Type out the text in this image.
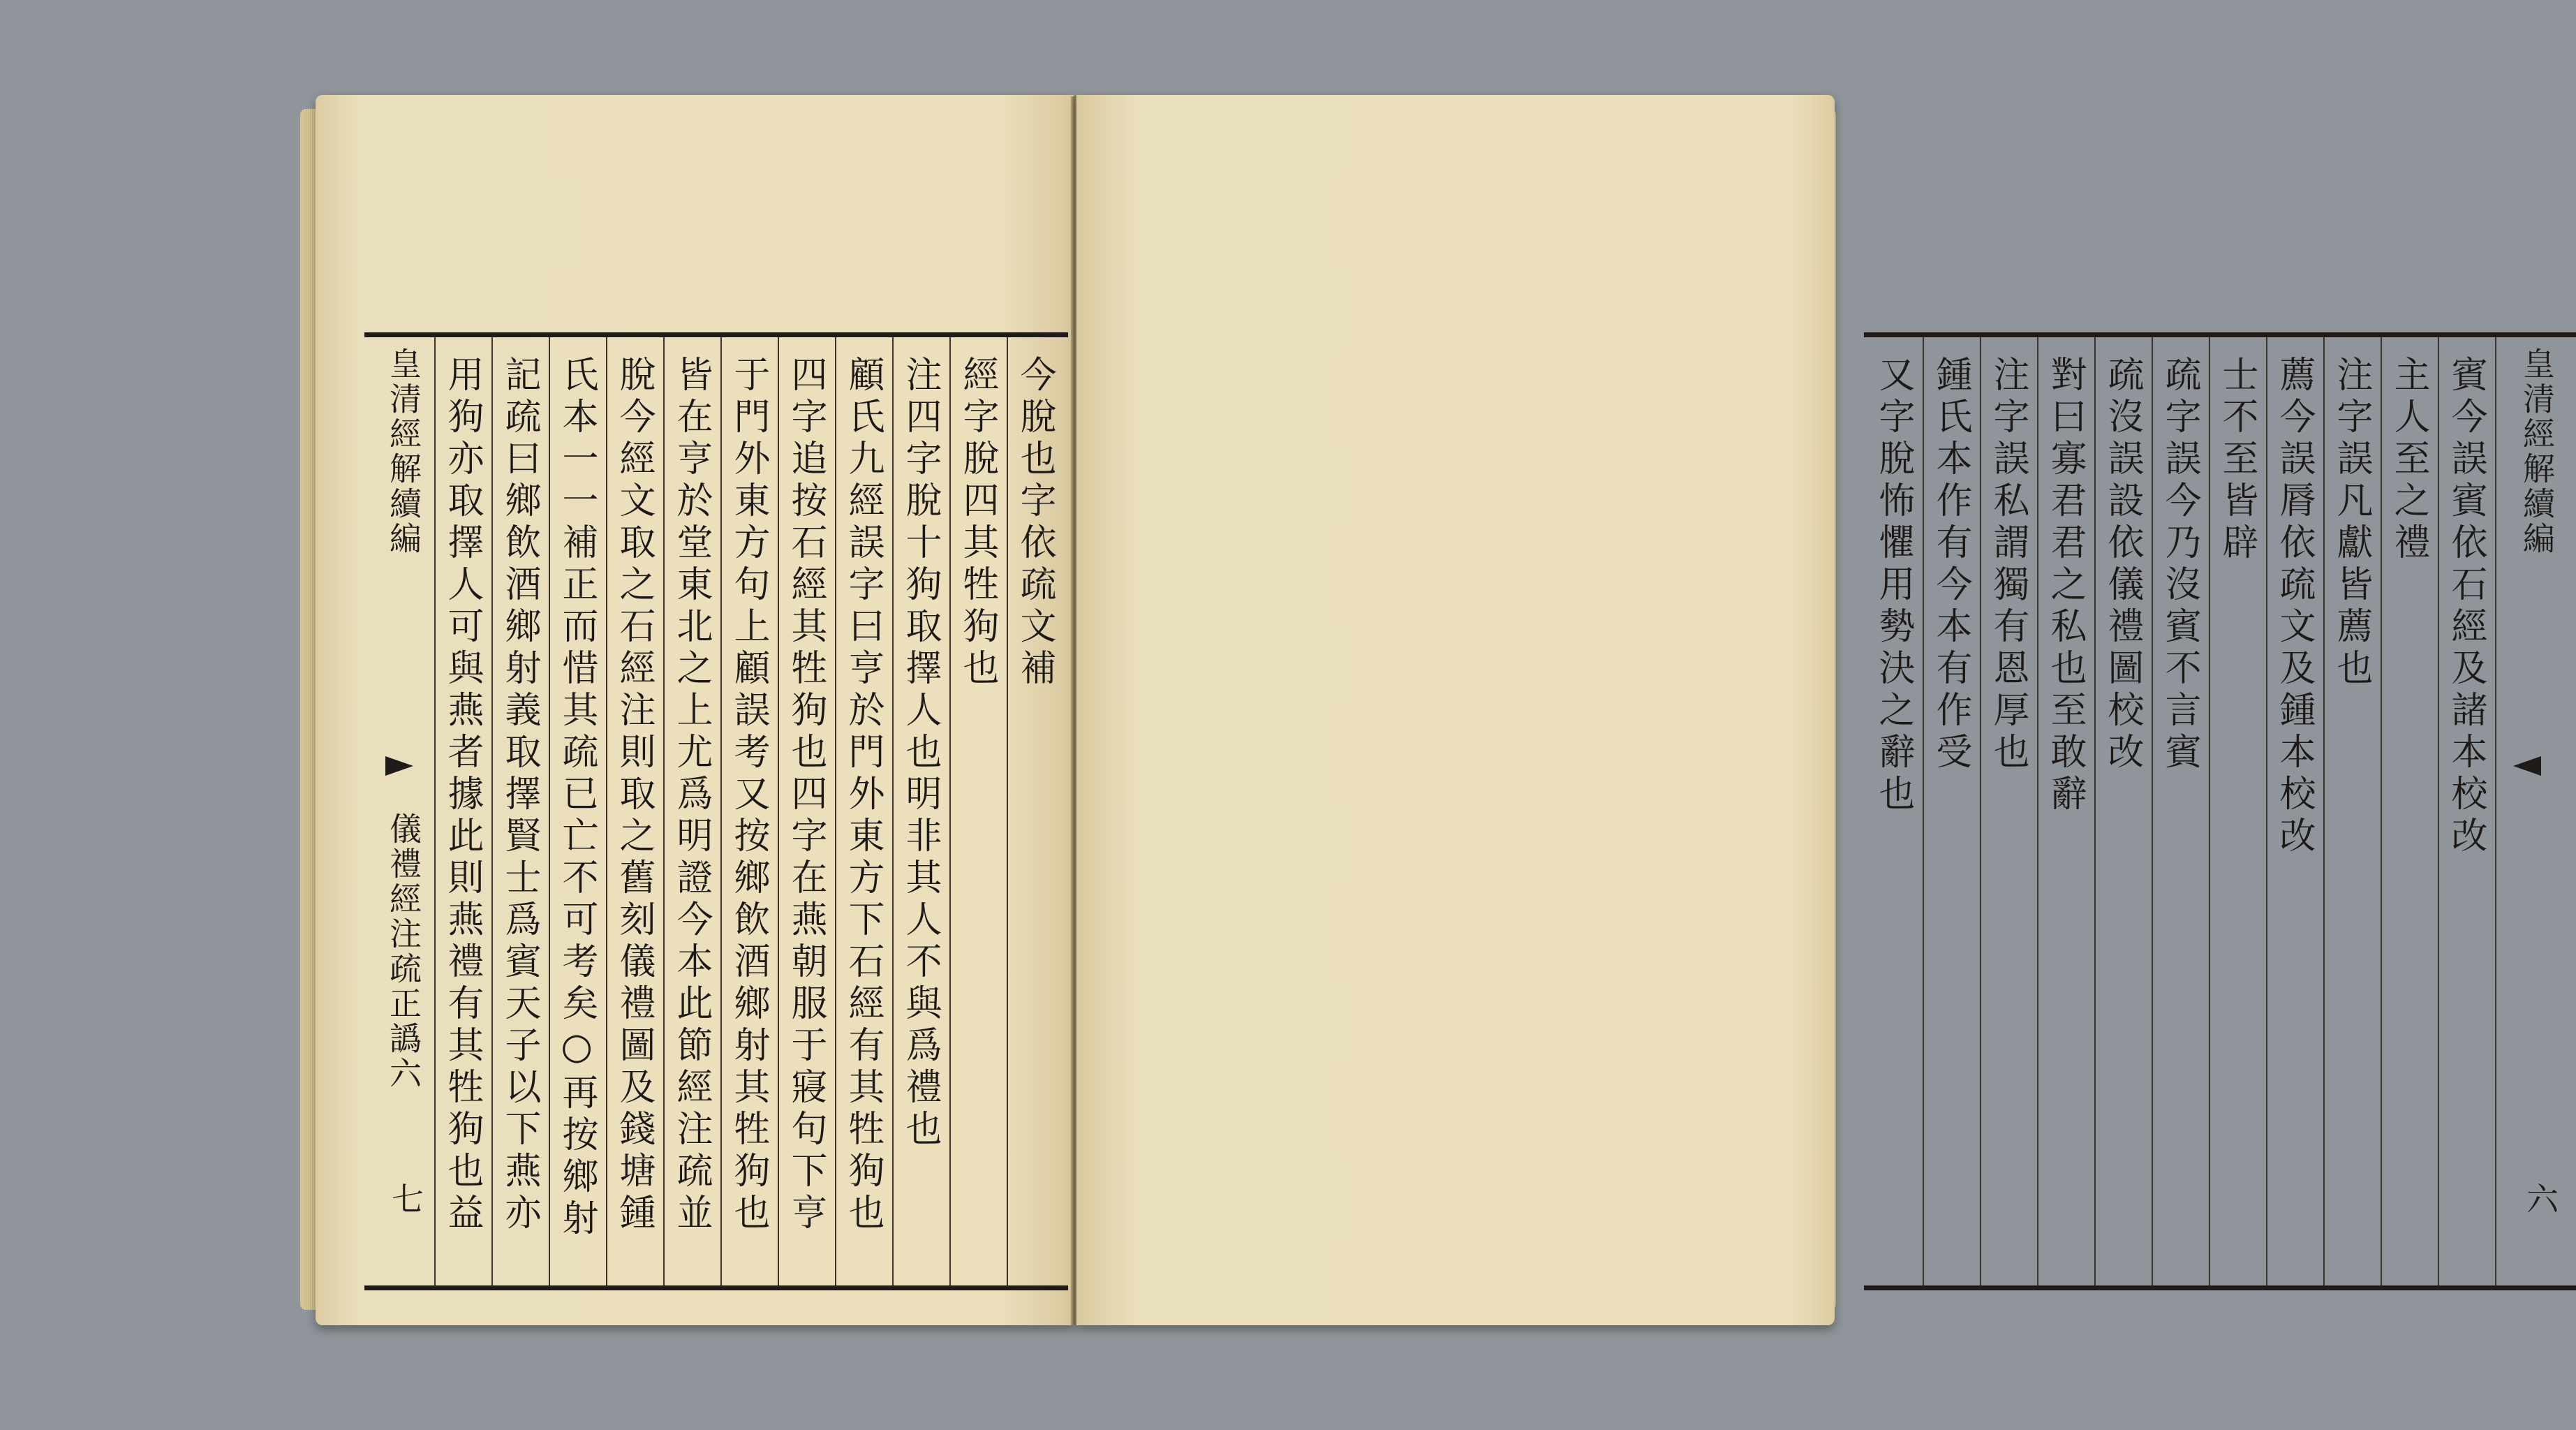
皇清經解續編
儀禮經注疏正譌六
七 用狗亦取擇人可與燕者據此則燕禮有其牲狗也益 記疏曰鄉飲酒鄉射義取擇賢士爲賓天子以下燕亦 氏本一一補正而惜其疏已亡不可考矣○再按鄉射 脫今經文取之石經注則取之舊刻儀禮圖及錢塘鍾 皆在亨於堂東北之上尤爲明證今本此節經注疏並 于門外東方句上顧誤考又按鄉飲酒鄉射其牲狗也 四字追按石經其牲狗也四字在燕朝服于寢句下亨 顧氏九經誤字曰亨於門外東方下石經有其牲狗也 注四字脫十狗取擇人也明非其人不與爲禮也 經字脫四其牲狗也 今脫也字依疏文補	又字脫怖懼用勢決之辭也 鍾氏本作有今本有作受 注字誤私謂獨有恩厚也 對曰寡君君之私也至敢辭 疏沒誤設依儀禮圖校改 疏字誤今乃沒賓不言賓 士不至皆辟 薦今誤脣依疏文及鍾本校改 注字誤凡獻皆薦也 主人至之禮 賓今誤賓依石經及諸本校改 皇清經解續編
六
